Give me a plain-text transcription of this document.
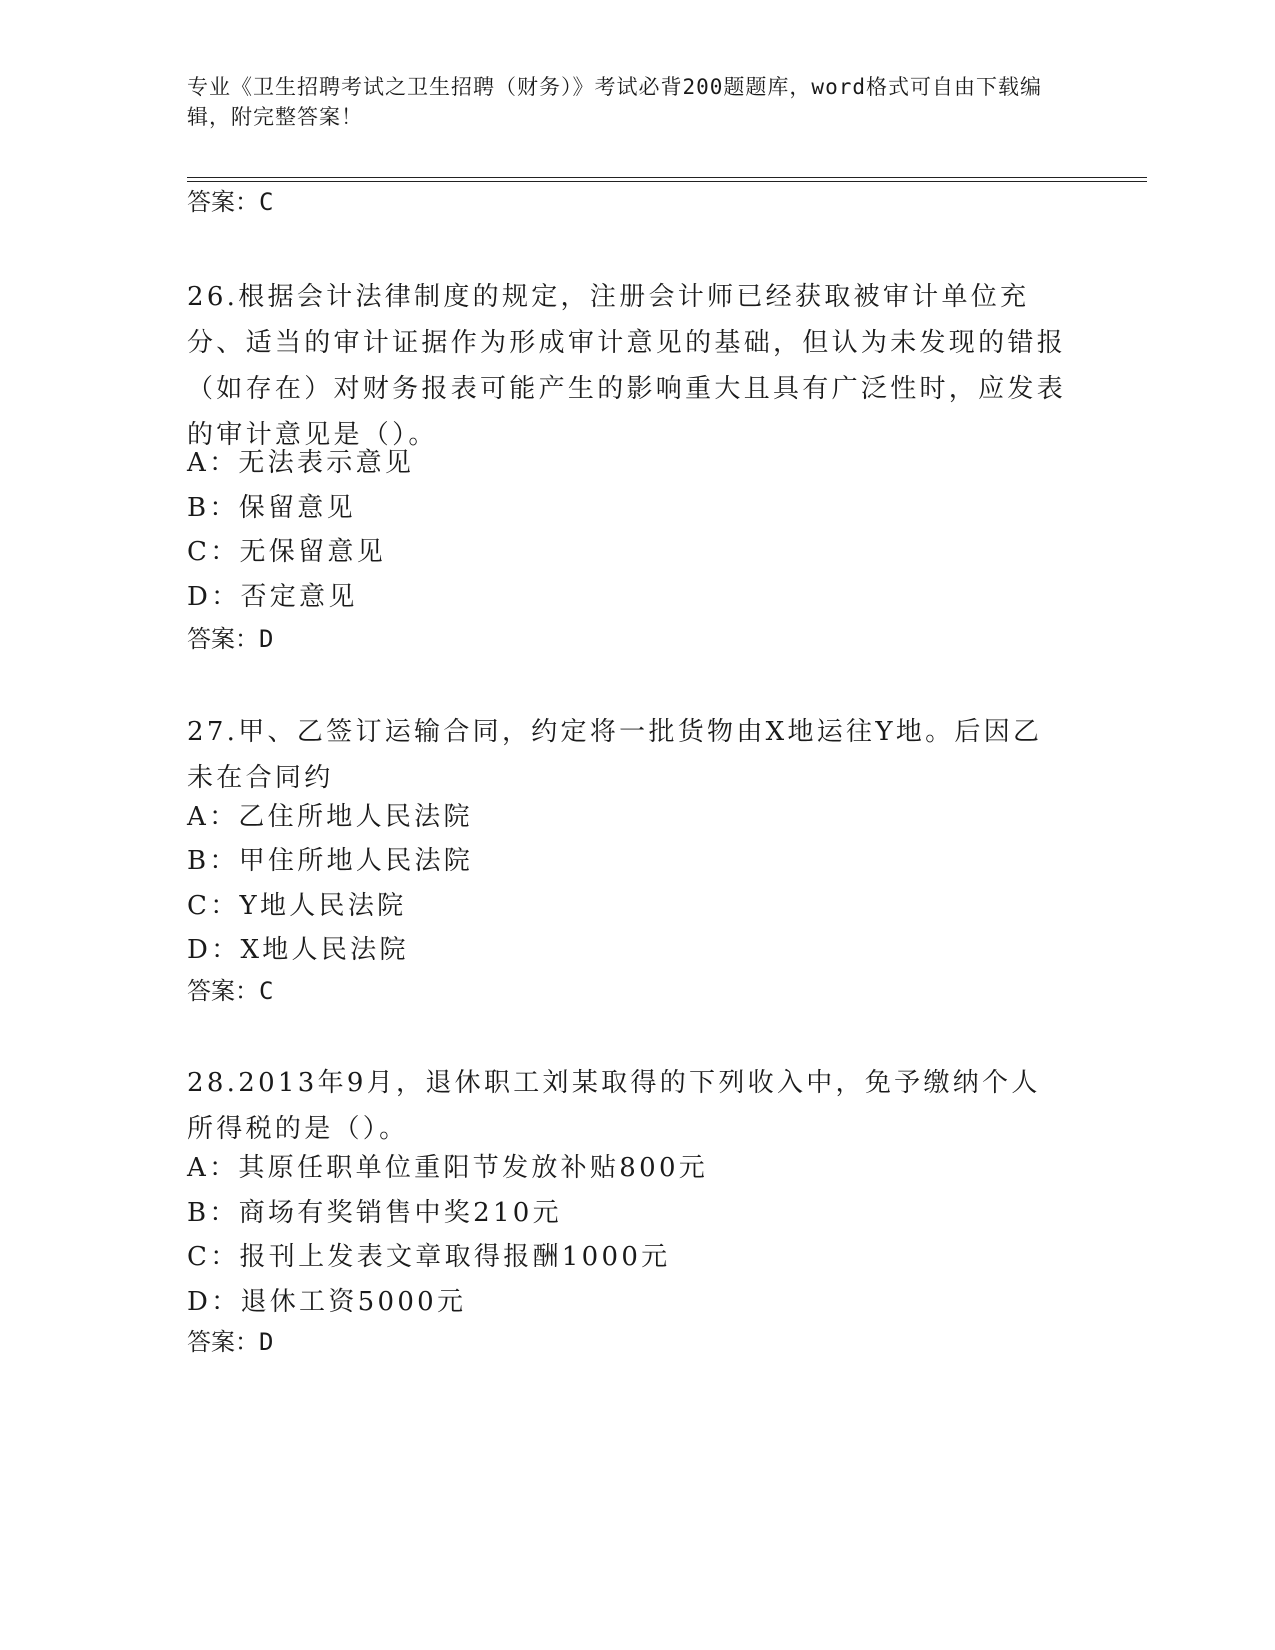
专业《卫生招聘考试之卫生招聘（财务）》考试必背200题题库，word格式可自由下载编辑，附完整答案！
答案：C
26.根据会计法律制度的规定，注册会计师已经获取被审计单位充分、适当的审计证据作为形成审计意见的基础，但认为未发现的错报（如存在）对财务报表可能产生的影响重大且具有广泛性时，应发表的审计意见是（）。
A：无法表示意见
B：保留意见
C：无保留意见
D：否定意见
答案：D
27.甲、乙签订运输合同，约定将一批货物由X地运往Y地。后因乙未在合同约
A：乙住所地人民法院
B：甲住所地人民法院
C：Y地人民法院
D：X地人民法院
答案：C
28.2013年9月，退休职工刘某取得的下列收入中，免予缴纳个人所得税的是（）。
A：其原任职单位重阳节发放补贴800元
B：商场有奖销售中奖210元
C：报刊上发表文章取得报酬1000元
D：退休工资5000元
答案：D
